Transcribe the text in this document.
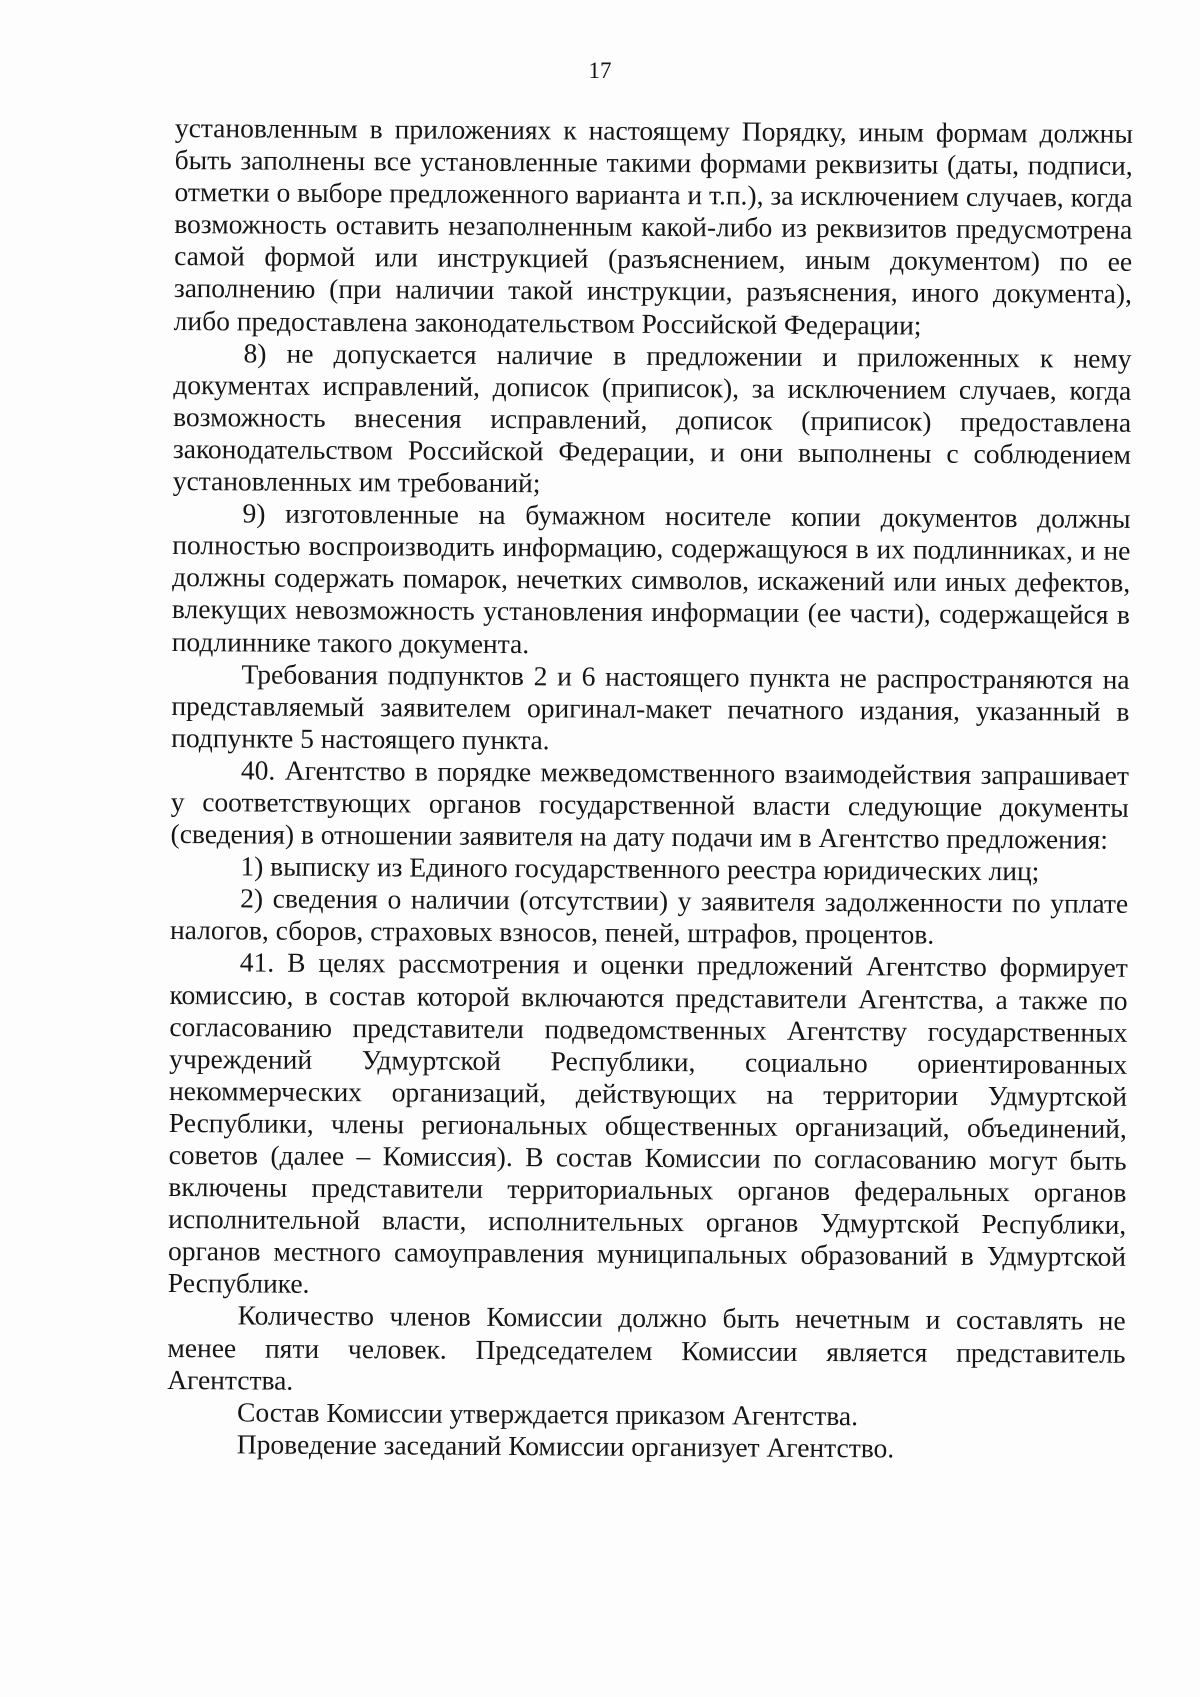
17

установленным в приложениях к настоящему Порядку, иным формам должны быть заполнены все установленные такими формами реквизиты (даты, подписи, отметки о выборе предложенного варианта и т.п.), за исключением случаев, когда возможность оставить незаполненным какой-либо из реквизитов предусмотрена самой формой или инструкцией (разъяснением, иным документом) по ее заполнению (при наличии такой инструкции, разъяснения, иного документа), либо предоставлена законодательством Российской Федерации;

8) не допускается наличие в предложении и приложенных к нему документах исправлений, дописок (приписок), за исключением случаев, когда возможность внесения исправлений, дописок (приписок) предоставлена законодательством Российской Федерации, и они выполнены с соблюдением установленных им требований;

9) изготовленные на бумажном носителе копии документов должны полностью воспроизводить информацию, содержащуюся в их подлинниках, и не должны содержать помарок, нечетких символов, искажений или иных дефектов, влекущих невозможность установления информации (ее части), содержащейся в подлиннике такого документа.

Требования подпунктов 2 и 6 настоящего пункта не распространяются на представляемый заявителем оригинал-макет печатного издания, указанный в подпункте 5 настоящего пункта.

40. Агентство в порядке межведомственного взаимодействия запрашивает у соответствующих органов государственной власти следующие документы (сведения) в отношении заявителя на дату подачи им в Агентство предложения:

1) выписку из Единого государственного реестра юридических лиц;

2) сведения о наличии (отсутствии) у заявителя задолженности по уплате налогов, сборов, страховых взносов, пеней, штрафов, процентов.

41. В целях рассмотрения и оценки предложений Агентство формирует комиссию, в состав которой включаются представители Агентства, а также по согласованию представители подведомственных Агентству государственных учреждений Удмуртской Республики, социально ориентированных некоммерческих организаций, действующих на территории Удмуртской Республики, члены региональных общественных организаций, объединений, советов (далее – Комиссия). В состав Комиссии по согласованию могут быть включены представители территориальных органов федеральных органов исполнительной власти, исполнительных органов Удмуртской Республики, органов местного самоуправления муниципальных образований в Удмуртской Республике.

Количество членов Комиссии должно быть нечетным и составлять не менее пяти человек. Председателем Комиссии является представитель Агентства.

Состав Комиссии утверждается приказом Агентства.

Проведение заседаний Комиссии организует Агентство.
